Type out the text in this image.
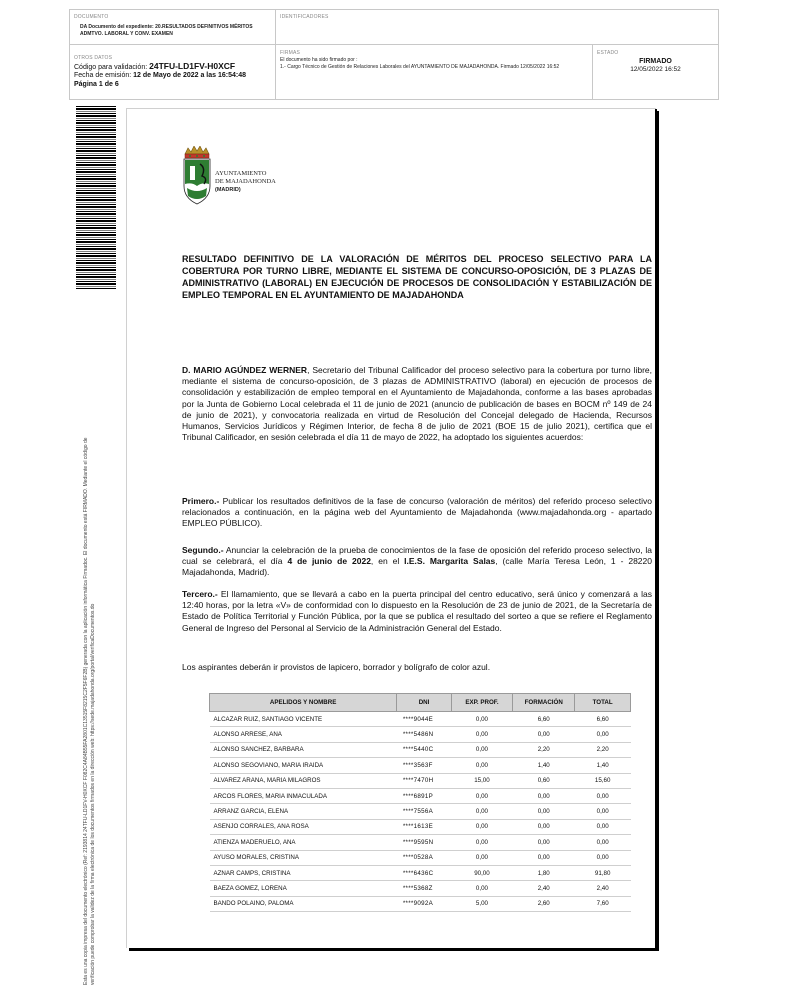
DOCUMENTO
DA Documento del expediente: 20.RESULTADOS DEFINITIVOS MÉRITOS ADMTVO. LABORAL Y CONV. EXAMEN
IDENTIFICADORES
OTROS DATOS
Código para validación: 24TFU-LD1FV-H0XCF
Fecha de emisión: 12 de Mayo de 2022 a las 16:54:48
Página 1 de 6
FIRMAS
El documento ha sido firmado por :
1.- Cargo Técnico de Gestión de Relaciones Laborales del AYUNTAMIENTO DE MAJADAHONDA. Firmado 12/05/2022 16:52
ESTADO
FIRMADO
12/05/2022 16:52
Esta es una copia impresa del documento electrónico (Ref: 2193814 24TFU-LD1FV-H0XCF F082C4A84B55FA2801C13515F8215C2F5F6F2B) generada con la aplicación informática Firmadoc. El documento está FIRMADO. Mediante el código de verificación puede comprobar la validez de la firma electrónica de los documentos firmados en la dirección web: https://sede.majadahonda.org/portal/verificaDocumentos.do
AYUNTAMIENTO
DE MAJADAHONDA
(MADRID)
RESULTADO DEFINITIVO DE LA VALORACIÓN DE MÉRITOS DEL PROCESO SELECTIVO PARA LA COBERTURA POR TURNO LIBRE, MEDIANTE EL SISTEMA DE CONCURSO-OPOSICIÓN, DE 3 PLAZAS DE ADMINISTRATIVO (LABORAL) EN EJECUCIÓN DE PROCESOS DE CONSOLIDACIÓN Y ESTABILIZACIÓN DE EMPLEO TEMPORAL EN EL AYUNTAMIENTO DE MAJADAHONDA
D. MARIO AGÚNDEZ WERNER, Secretario del Tribunal Calificador del proceso selectivo para la cobertura por turno libre, mediante el sistema de concurso-oposición, de 3 plazas de ADMINISTRATIVO (laboral) en ejecución de procesos de consolidación y estabilización de empleo temporal en el Ayuntamiento de Majadahonda, conforme a las bases aprobadas por la Junta de Gobierno Local celebrada el 11 de junio de 2021 (anuncio de publicación de bases en BOCM nº 149 de 24 de junio de 2021), y convocatoria realizada en virtud de Resolución del Concejal delegado de Hacienda, Recursos Humanos, Servicios Jurídicos y Régimen Interior, de fecha 8 de julio de 2021 (BOE 15 de julio 2021), certifica que el Tribunal Calificador, en sesión celebrada el día 11 de mayo de 2022, ha adoptado los siguientes acuerdos:
Primero.- Publicar los resultados definitivos de la fase de concurso (valoración de méritos) del referido proceso selectivo relacionados a continuación, en la página web del Ayuntamiento de Majadahonda (www.majadahonda.org - apartado EMPLEO PÚBLICO).
Segundo.- Anunciar la celebración de la prueba de conocimientos de la fase de oposición del referido proceso selectivo, la cual se celebrará, el día 4 de junio de 2022, en el I.E.S. Margarita Salas, (calle María Teresa León, 1 - 28220 Majadahonda, Madrid).
Tercero.- El llamamiento, que se llevará a cabo en la puerta principal del centro educativo, será único y comenzará a las 12:40 horas, por la letra «V» de conformidad con lo dispuesto en la Resolución de 23 de junio de 2021, de la Secretaría de Estado de Política Territorial y Función Pública, por la que se publica el resultado del sorteo a que se refiere el Reglamento General de Ingreso del Personal al Servicio de la Administración General del Estado.
Los aspirantes deberán ir provistos de lapicero, borrador y bolígrafo de color azul.
APELIDOS Y NOMBRE	DNI	EXP. PROF.	FORMACIÓN	TOTAL
ALCAZAR RUIZ, SANTIAGO VICENTE	****9044E	0,00	6,60	6,60
ALONSO ARRESE, ANA	****5486N	0,00	0,00	0,00
ALONSO SANCHEZ, BARBARA	****5440C	0,00	2,20	2,20
ALONSO SEGOVIANO, MARIA IRAIDA	****3563F	0,00	1,40	1,40
ALVAREZ ARANA, MARIA MILAGROS	****7470H	15,00	0,60	15,60
ARCOS FLORES, MARIA INMACULADA	****6891P	0,00	0,00	0,00
ARRANZ GARCIA, ELENA	****7556A	0,00	0,00	0,00
ASENJO CORRALES, ANA ROSA	****1613E	0,00	0,00	0,00
ATIENZA MADERUELO, ANA	****9595N	0,00	0,00	0,00
AYUSO MORALES, CRISTINA	****0528A	0,00	0,00	0,00
AZNAR CAMPS, CRISTINA	****6436C	90,00	1,80	91,80
BAEZA GOMEZ, LORENA	****5368Z	0,00	2,40	2,40
BANDO POLAINO, PALOMA	****9092A	5,00	2,60	7,60
